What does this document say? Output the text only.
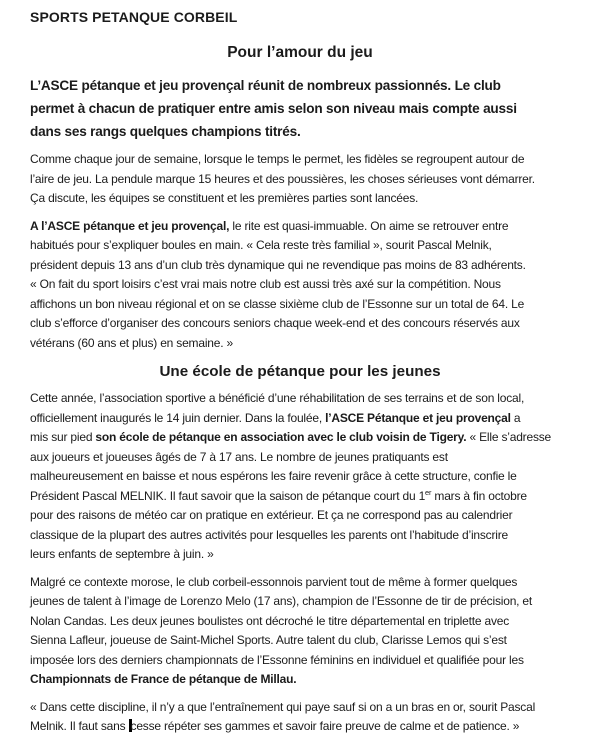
SPORTS PETANQUE CORBEIL
Pour l’amour du jeu
L’ASCE pétanque et jeu provençal réunit de nombreux passionnés. Le club
permet à chacun de pratiquer entre amis selon son niveau mais compte aussi
dans ses rangs quelques champions titrés.
Comme chaque jour de semaine, lorsque le temps le permet, les fidèles se regroupent autour de
l’aire de jeu. La pendule marque 15 heures et des poussières, les choses sérieuses vont démarrer.
Ça discute, les équipes se constituent et les premières parties sont lancées.
A l’ASCE pétanque et jeu provençal, le rite est quasi-immuable. On aime se retrouver entre
habitués pour s’expliquer boules en main. « Cela reste très familial », sourit Pascal Melnik,
président depuis 13 ans d’un club très dynamique qui ne revendique pas moins de 83 adhérents.
« On fait du sport loisirs c’est vrai mais notre club est aussi très axé sur la compétition. Nous
affichons un bon niveau régional et on se classe sixième club de l’Essonne sur un total de 64. Le
club s’efforce d’organiser des concours seniors chaque week-end et des concours réservés aux
vétérans (60 ans et plus) en semaine. »
Une école de pétanque pour les jeunes
Cette année, l’association sportive a bénéficié d’une réhabilitation de ses terrains et de son local,
officiellement inaugurés le 14 juin dernier. Dans la foulée, l’ASCE Pétanque et jeu provençal a
mis sur pied son école de pétanque en association avec le club voisin de Tigery. « Elle s’adresse
aux joueurs et joueuses âgés de 7 à 17 ans. Le nombre de jeunes pratiquants est
malheureusement en baisse et nous espérons les faire revenir grâce à cette structure, confie le
Président Pascal MELNIK. Il faut savoir que la saison de pétanque court du 1er mars à fin octobre
pour des raisons de météo car on pratique en extérieur. Et ça ne correspond pas au calendrier
classique de la plupart des autres activités pour lesquelles les parents ont l’habitude d’inscrire
leurs enfants de septembre à juin. »
Malgré ce contexte morose, le club corbeil-essonnois parvient tout de même à former quelques
jeunes de talent à l’image de Lorenzo Melo (17 ans), champion de l’Essonne de tir de précision, et
Nolan Candas. Les deux jeunes boulistes ont décroché le titre départemental en triplette avec
Sienna Lafleur, joueuse de Saint-Michel Sports. Autre talent du club, Clarisse Lemos qui s’est
imposée lors des derniers championnats de l’Essonne féminins en individuel et qualifiée pour les
Championnats de France de pétanque de Millau.
« Dans cette discipline, il n’y a que l’entraînement qui paye sauf si on a un bras en or, sourit Pascal
Melnik. Il faut sans cesse répéter ses gammes et savoir faire preuve de calme et de patience. »
